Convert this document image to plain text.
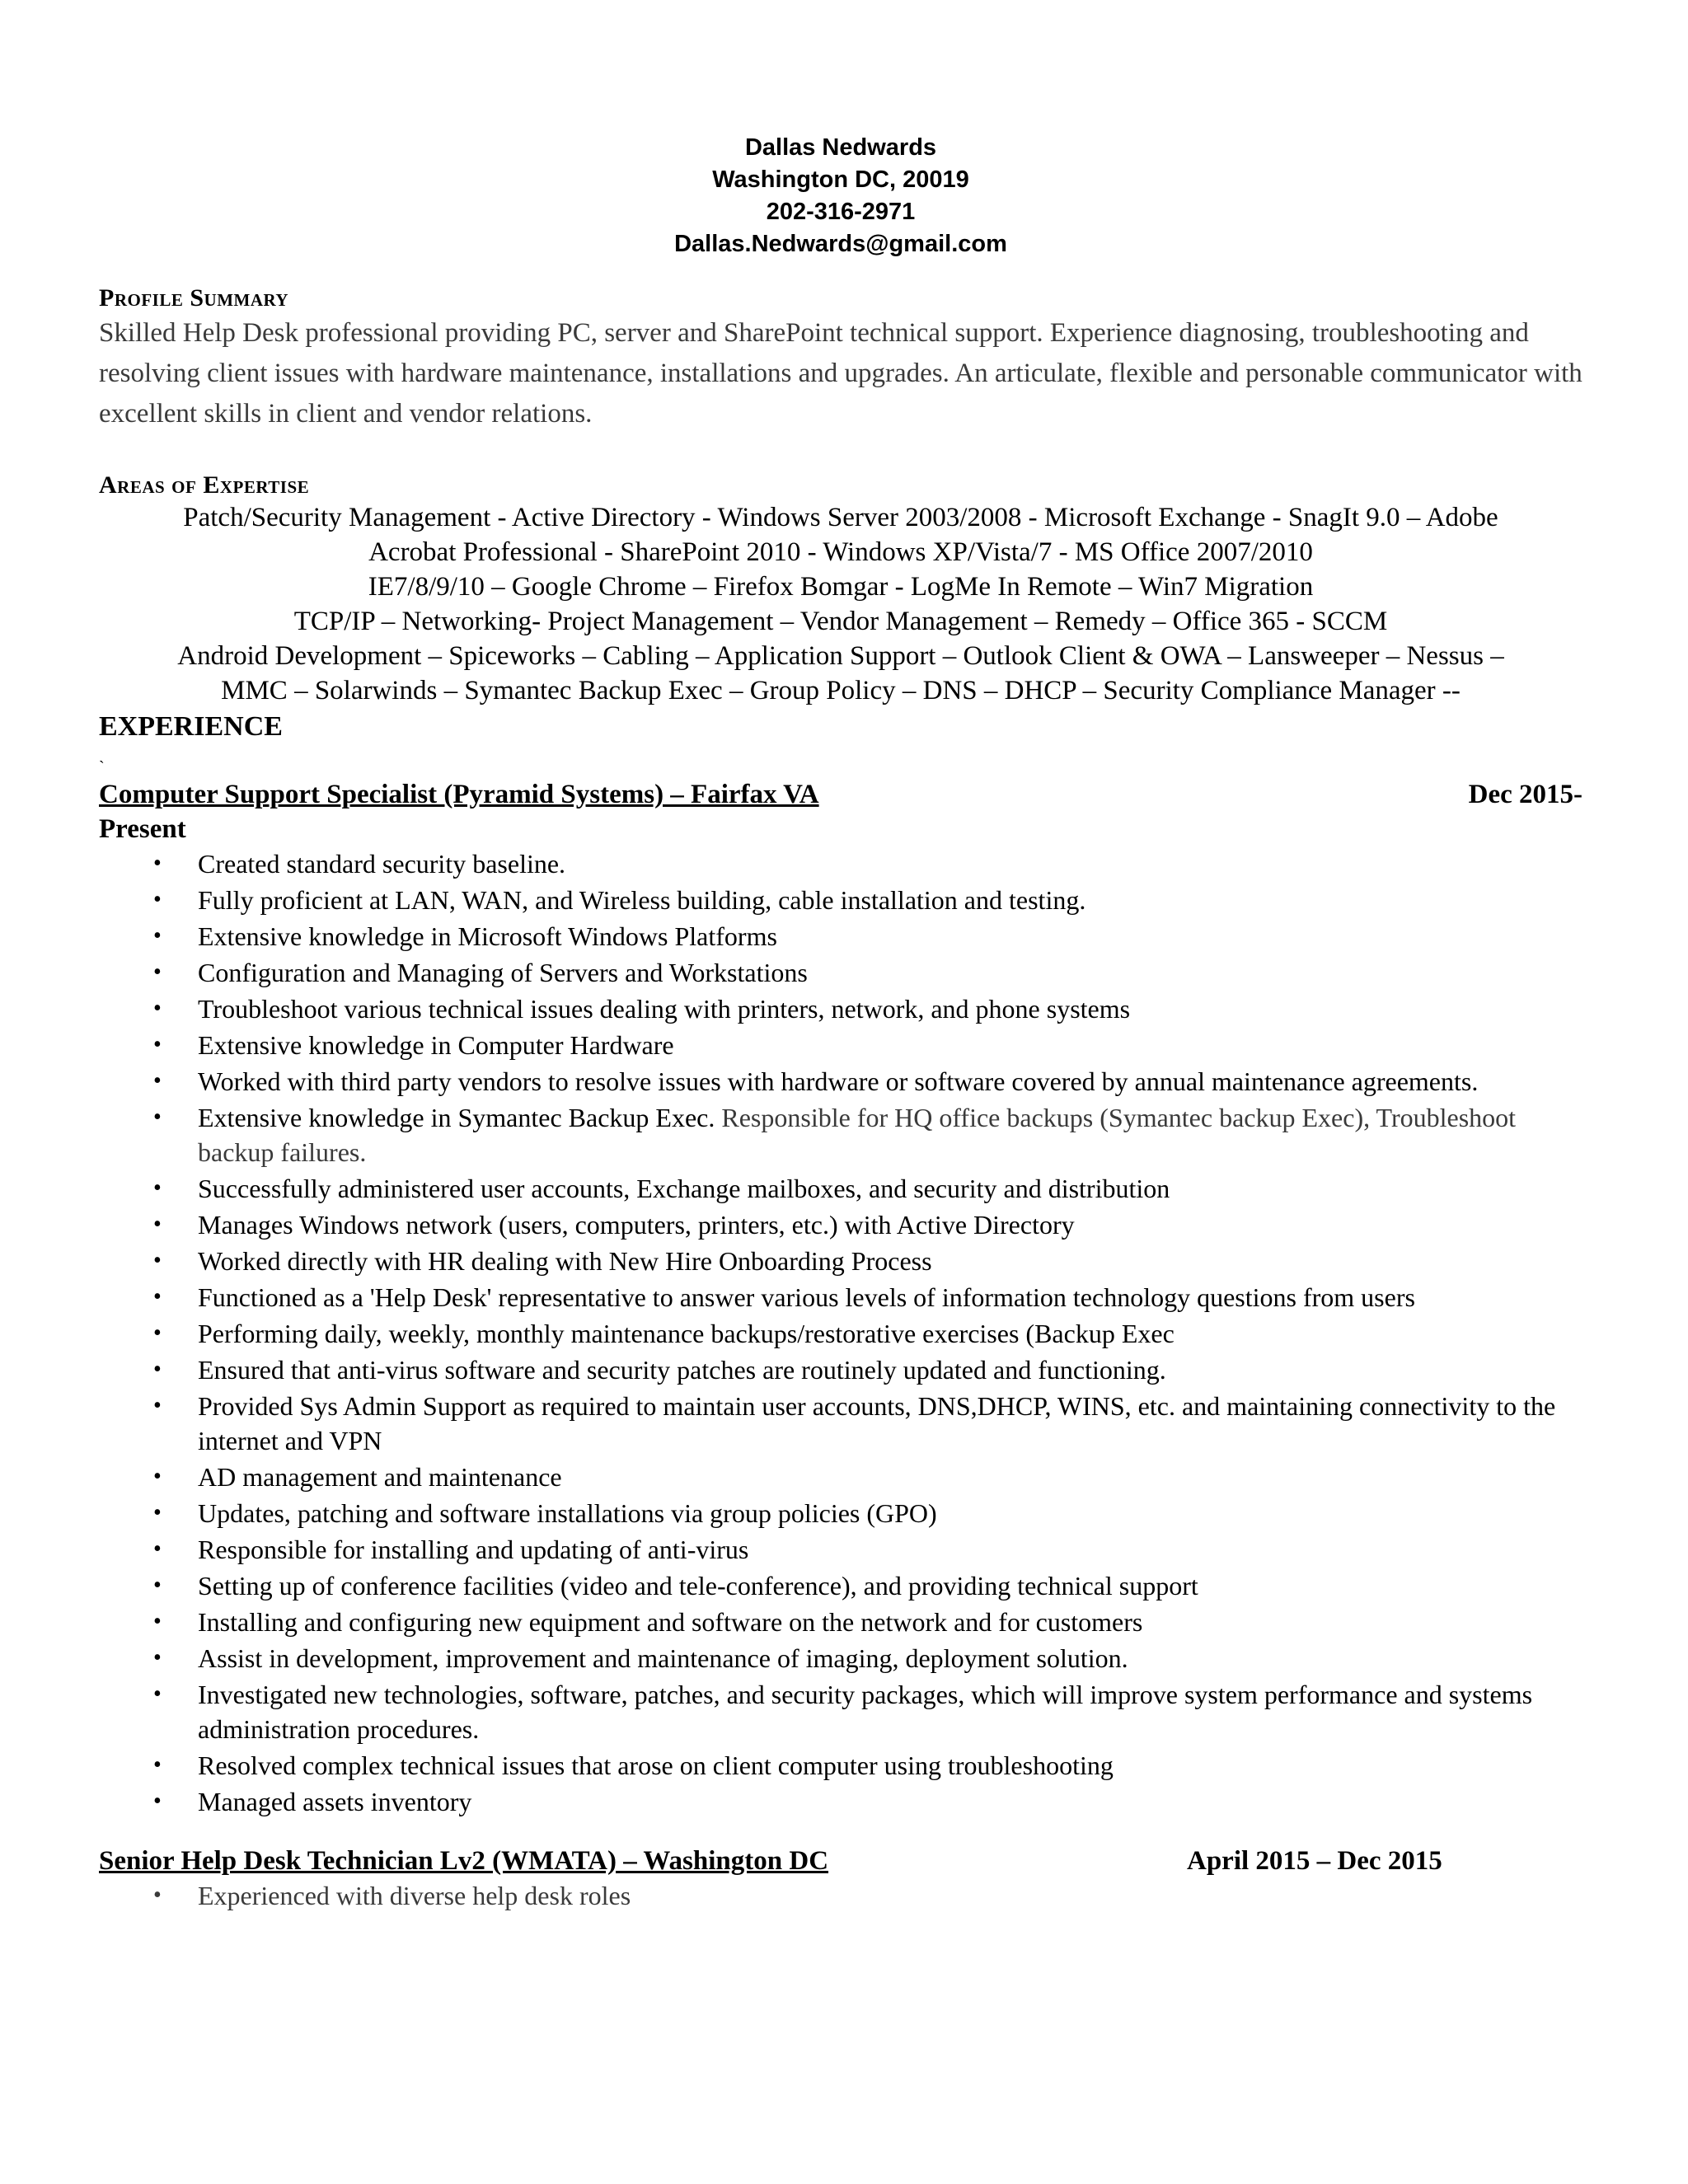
Dallas Nedwards
Washington DC, 20019
202-316-2971
Dallas.Nedwards@gmail.com
Profile Summary
Skilled Help Desk professional providing PC, server and SharePoint technical support. Experience diagnosing, troubleshooting and resolving client issues with hardware maintenance, installations and upgrades. An articulate, flexible and personable communicator with excellent skills in client and vendor relations.
Areas of Expertise
Patch/Security Management - Active Directory - Windows Server 2003/2008 - Microsoft Exchange - SnagIt 9.0 – Adobe
Acrobat Professional - SharePoint 2010 - Windows XP/Vista/7 - MS Office 2007/2010
IE7/8/9/10 – Google Chrome – Firefox Bomgar - LogMe In Remote – Win7 Migration
TCP/IP – Networking- Project Management – Vendor Management – Remedy – Office 365 - SCCM
Android Development – Spiceworks – Cabling – Application Support – Outlook Client & OWA – Lansweeper – Nessus –
MMC – Solarwinds – Symantec Backup Exec – Group Policy – DNS – DHCP – Security Compliance Manager --
EXPERIENCE
`
Computer Support Specialist (Pyramid Systems) – Fairfax VA	Dec 2015-
Present
• Created standard security baseline.
• Fully proficient at LAN, WAN, and Wireless building, cable installation and testing.
• Extensive knowledge in Microsoft Windows Platforms
• Configuration and Managing of Servers and Workstations
• Troubleshoot various technical issues dealing with printers, network, and phone systems
• Extensive knowledge in Computer Hardware
• Worked with third party vendors to resolve issues with hardware or software covered by annual maintenance agreements.
• Extensive knowledge in Symantec Backup Exec. Responsible for HQ office backups (Symantec backup Exec), Troubleshoot backup failures.
• Successfully administered user accounts, Exchange mailboxes, and security and distribution
• Manages Windows network (users, computers, printers, etc.) with Active Directory
• Worked directly with HR dealing with New Hire Onboarding Process
• Functioned as a 'Help Desk' representative to answer various levels of information technology questions from users
• Performing daily, weekly, monthly maintenance backups/restorative exercises (Backup Exec
• Ensured that anti-virus software and security patches are routinely updated and functioning.
• Provided Sys Admin Support as required to maintain user accounts, DNS,DHCP, WINS, etc. and maintaining connectivity to the internet and VPN
• AD management and maintenance
• Updates, patching and software installations via group policies (GPO)
• Responsible for installing and updating of anti-virus
• Setting up of conference facilities (video and tele-conference), and providing technical support
• Installing and configuring new equipment and software on the network and for customers
• Assist in development, improvement and maintenance of imaging, deployment solution.
• Investigated new technologies, software, patches, and security packages, which will improve system performance and systems administration procedures.
• Resolved complex technical issues that arose on client computer using troubleshooting
• Managed assets inventory
Senior Help Desk Technician Lv2 (WMATA) – Washington DC	April 2015 – Dec 2015
• Experienced with diverse help desk roles
